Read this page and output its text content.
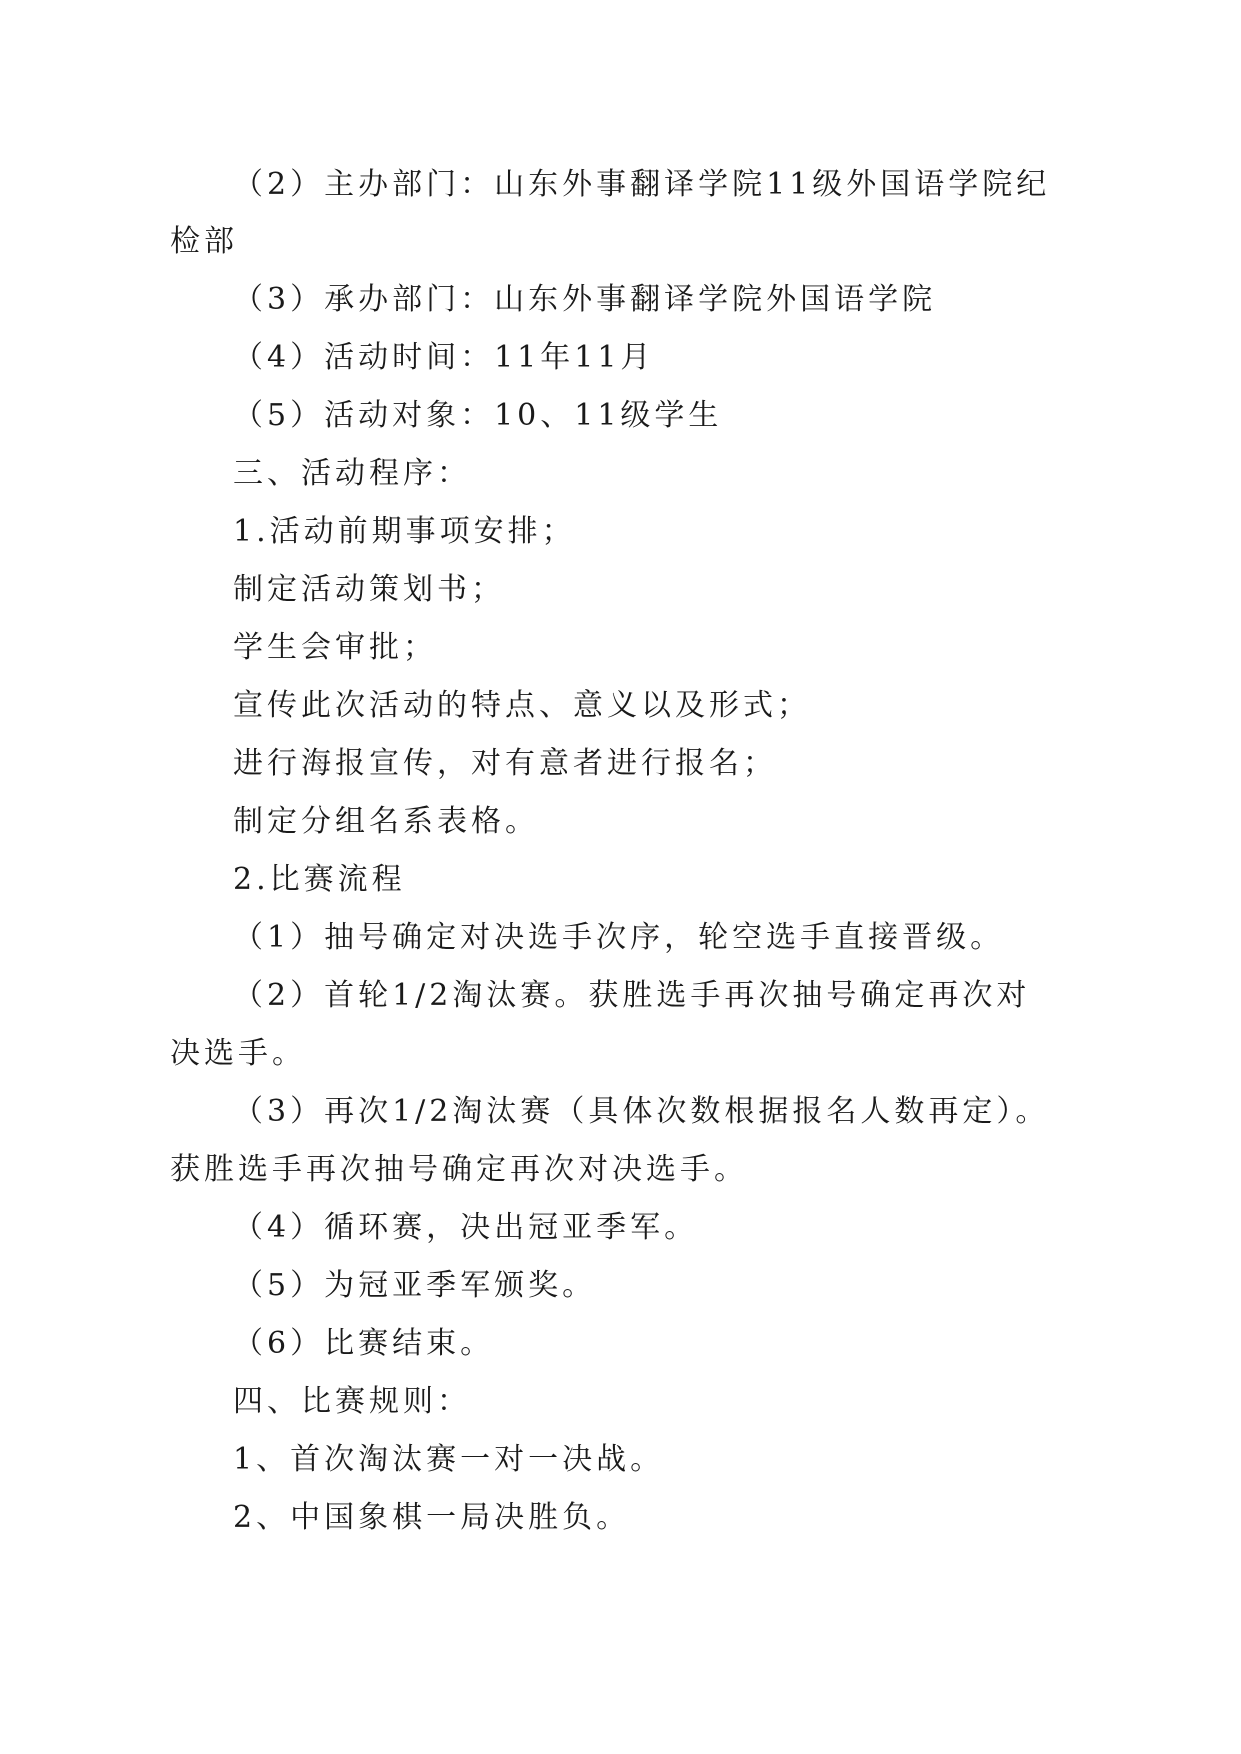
（2）主办部门：山东外事翻译学院11级外国语学院纪
检部
（3）承办部门：山东外事翻译学院外国语学院
（4）活动时间：11年11月
（5）活动对象：10、11级学生
三、活动程序：
1.活动前期事项安排；
制定活动策划书；
学生会审批；
宣传此次活动的特点、意义以及形式；
进行海报宣传，对有意者进行报名；
制定分组名系表格。
2.比赛流程
（1）抽号确定对决选手次序，轮空选手直接晋级。
（2）首轮1/2淘汰赛。获胜选手再次抽号确定再次对
决选手。
（3）再次1/2淘汰赛（具体次数根据报名人数再定）。
获胜选手再次抽号确定再次对决选手。
（4）循环赛，决出冠亚季军。
（5）为冠亚季军颁奖。
（6）比赛结束。
四、比赛规则：
1、首次淘汰赛一对一决战。
2、中国象棋一局决胜负。
